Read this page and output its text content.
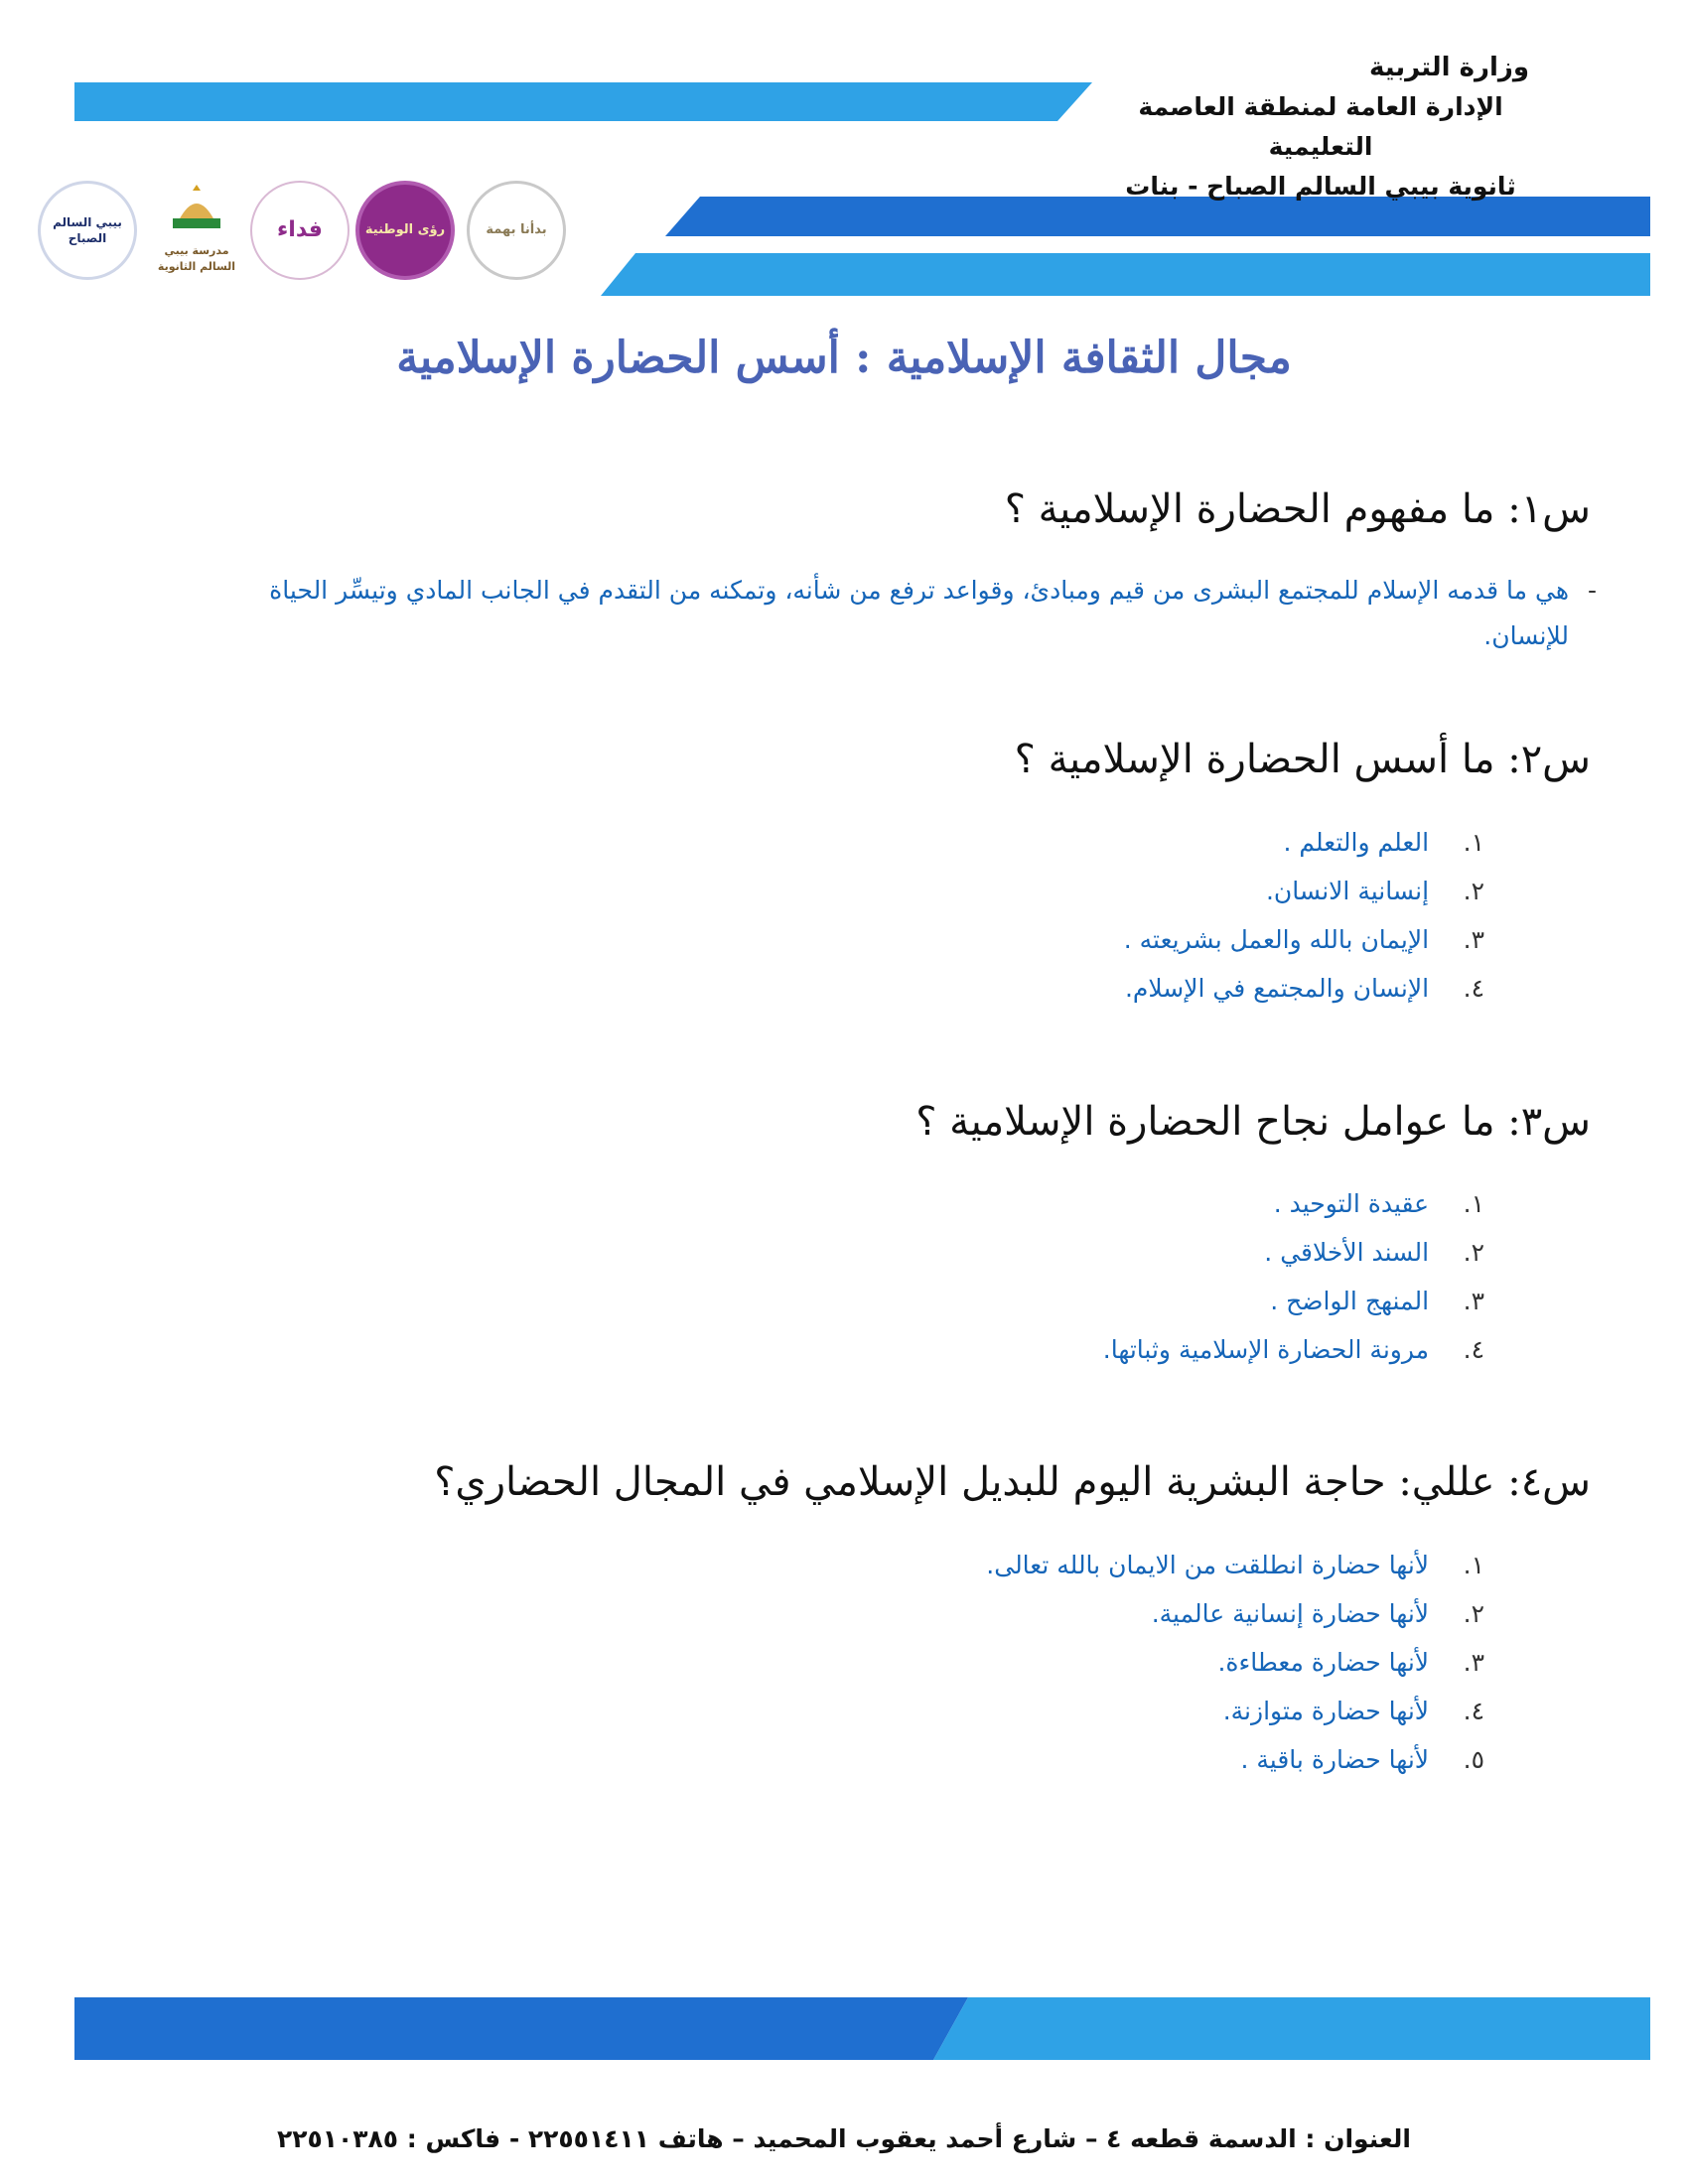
وزارة التربية
الإدارة العامة لمنطقة العاصمة التعليمية
ثانوية بيبي السالم الصباح - بنات
بدأنا بهمة
رؤى الوطنية
فداء
مدرسة بيبي السالم الثانوية
بيبي السالم الصباح
مجال الثقافة الإسلامية : أسس الحضارة الإسلامية
س١: ما مفهوم الحضارة الإسلامية ؟
-
هي ما قدمه الإسلام للمجتمع البشرى من قيم ومبادئ، وقواعد ترفع من شأنه، وتمكنه من التقدم في الجانب المادي وتيسِّر الحياة للإنسان.
س٢: ما أسس الحضارة الإسلامية ؟
١. العلم والتعلم .
٢. إنسانية الانسان.
٣. الإيمان بالله والعمل بشريعته .
٤. الإنسان والمجتمع في الإسلام.
س٣: ما عوامل نجاح الحضارة الإسلامية ؟
١. عقيدة التوحيد .
٢. السند الأخلاقي .
٣. المنهج الواضح .
٤. مرونة الحضارة الإسلامية وثباتها.
س٤: عللي: حاجة البشرية اليوم للبديل الإسلامي في المجال الحضاري؟
١. لأنها حضارة انطلقت من الايمان بالله تعالى.
٢. لأنها حضارة إنسانية عالمية.
٣. لأنها حضارة معطاءة.
٤. لأنها حضارة متوازنة.
٥. لأنها حضارة باقية .
العنوان : الدسمة قطعه ٤ – شارع أحمد يعقوب المحميد – هاتف ٢٢٥٥١٤١١ - فاكس : ٢٢٥١٠٣٨٥
